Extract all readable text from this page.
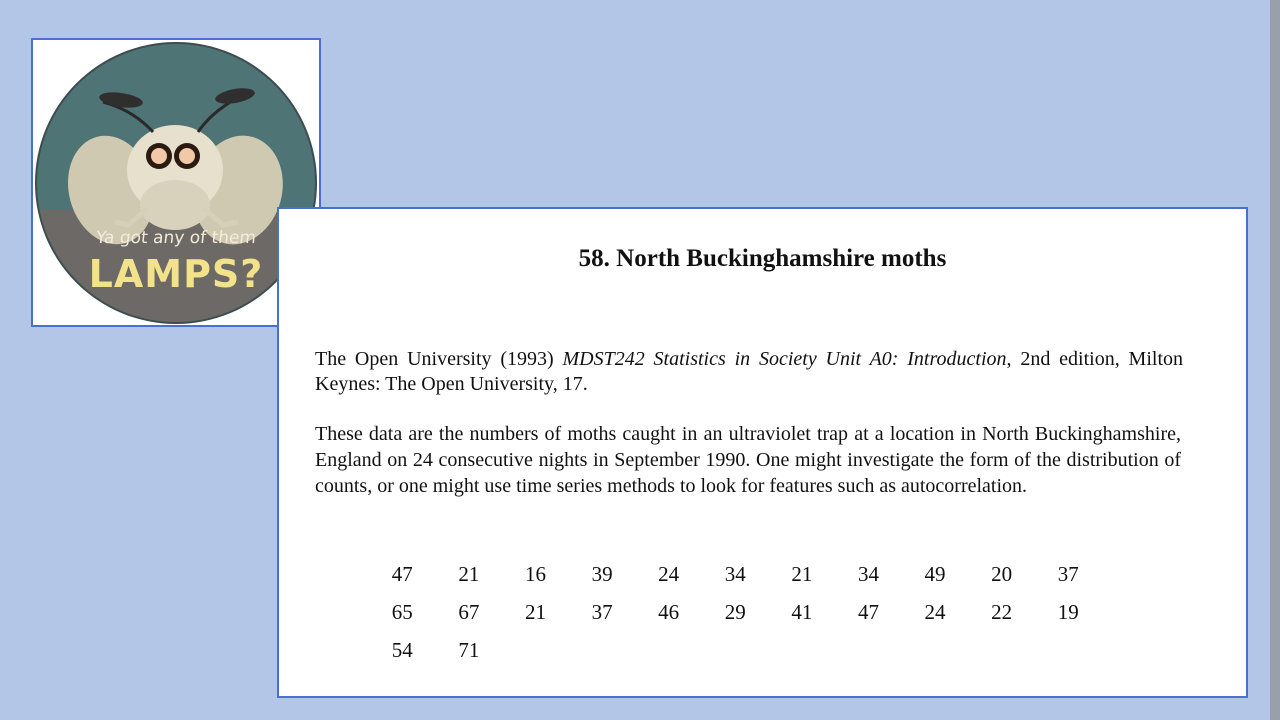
Ya got any of them
LAMPS?	58. North Buckinghamshire moths
The Open University (1993) MDST242 Statistics in Society Unit A0: Introduction, 2nd edition, Milton Keynes: The Open University, 17.
These data are the numbers of moths caught in an ultraviolet trap at a location in North Buckinghamshire, England on 24 consecutive nights in September 1990. One might investigate the form of the distribution of counts, or one might use time series methods to look for features such as autocorrelation.
47	21	16	39	24	34	21	34	49	20	37
65	67	21	37	46	29	41	47	24	22	19
54	71
